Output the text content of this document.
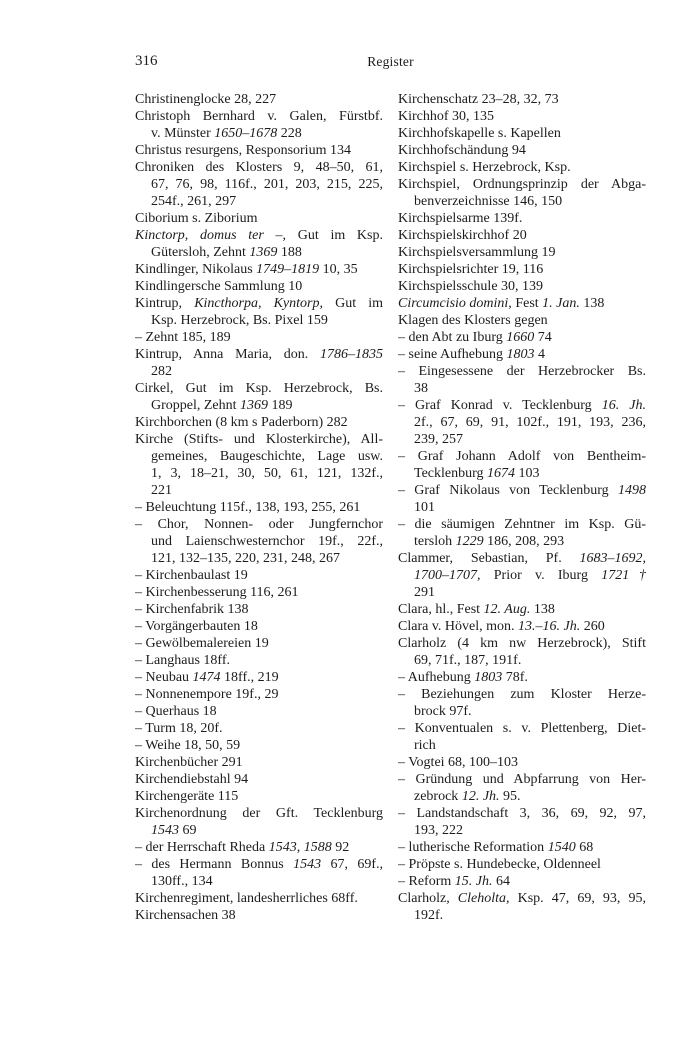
316	Register
Christinenglocke 28, 227
Christoph Bernhard v. Galen, Fürstbf.
v. Münster 1650–1678 228
Christus resurgens, Responsorium 134
Chroniken des Klosters 9, 48–50, 61,
67, 76, 98, 116f., 201, 203, 215, 225,
254f., 261, 297
Ciborium s. Ziborium
Kinctorp, domus ter –, Gut im Ksp.
Gütersloh, Zehnt 1369 188
Kindlinger, Nikolaus 1749–1819 10, 35
Kindlingersche Sammlung 10
Kintrup, Kincthorpa, Kyntorp, Gut im
Ksp. Herzebrock, Bs. Pixel 159
– Zehnt 185, 189
Kintrup, Anna Maria, don. 1786–1835
282
Cirkel, Gut im Ksp. Herzebrock, Bs.
Groppel, Zehnt 1369 189
Kirchborchen (8 km s Paderborn) 282
Kirche (Stifts- und Klosterkirche), All-
gemeines, Baugeschichte, Lage usw.
1, 3, 18–21, 30, 50, 61, 121, 132f.,
221
– Beleuchtung 115f., 138, 193, 255, 261
– Chor, Nonnen- oder Jungfernchor
und Laienschwesternchor 19f., 22f.,
121, 132–135, 220, 231, 248, 267
– Kirchenbaulast 19
– Kirchenbesserung 116, 261
– Kirchenfabrik 138
– Vorgängerbauten 18
– Gewölbemalereien 19
– Langhaus 18ff.
– Neubau 1474 18ff., 219
– Nonnenempore 19f., 29
– Querhaus 18
– Turm 18, 20f.
– Weihe 18, 50, 59
Kirchenbücher 291
Kirchendiebstahl 94
Kirchengeräte 115
Kirchenordnung der Gft. Tecklenburg
1543 69
– der Herrschaft Rheda 1543, 1588 92
– des Hermann Bonnus 1543 67, 69f.,
130ff., 134
Kirchenregiment, landesherrliches 68ff.
Kirchensachen 38
Kirchenschatz 23–28, 32, 73
Kirchhof 30, 135
Kirchhofskapelle s. Kapellen
Kirchhofschändung 94
Kirchspiel s. Herzebrock, Ksp.
Kirchspiel, Ordnungsprinzip der Abga-
benverzeichnisse 146, 150
Kirchspielsarme 139f.
Kirchspielskirchhof 20
Kirchspielsversammlung 19
Kirchspielsrichter 19, 116
Kirchspielsschule 30, 139
Circumcisio domini, Fest 1. Jan. 138
Klagen des Klosters gegen
– den Abt zu Iburg 1660 74
– seine Aufhebung 1803 4
– Eingesessene der Herzebrocker Bs.
38
– Graf Konrad v. Tecklenburg 16. Jh.
2f., 67, 69, 91, 102f., 191, 193, 236,
239, 257
– Graf Johann Adolf von Bentheim-
Tecklenburg 1674 103
– Graf Nikolaus von Tecklenburg 1498
101
– die säumigen Zehntner im Ksp. Gü-
tersloh 1229 186, 208, 293
Clammer, Sebastian, Pf. 1683–1692,
1700–1707, Prior v. Iburg 1721†
291
Clara, hl., Fest 12. Aug. 138
Clara v. Hövel, mon. 13.–16. Jh. 260
Clarholz (4 km nw Herzebrock), Stift
69, 71f., 187, 191f.
– Aufhebung 1803 78f.
– Beziehungen zum Kloster Herze-
brock 97f.
– Konventualen s. v. Plettenberg, Diet-
rich
– Vogtei 68, 100–103
– Gründung und Abpfarrung von Her-
zebrock 12. Jh. 95.
– Landstandschaft 3, 36, 69, 92, 97,
193, 222
– lutherische Reformation 1540 68
– Pröpste s. Hundebecke, Oldenneel
– Reform 15. Jh. 64
Clarholz, Cleholta, Ksp. 47, 69, 93, 95,
192f.
